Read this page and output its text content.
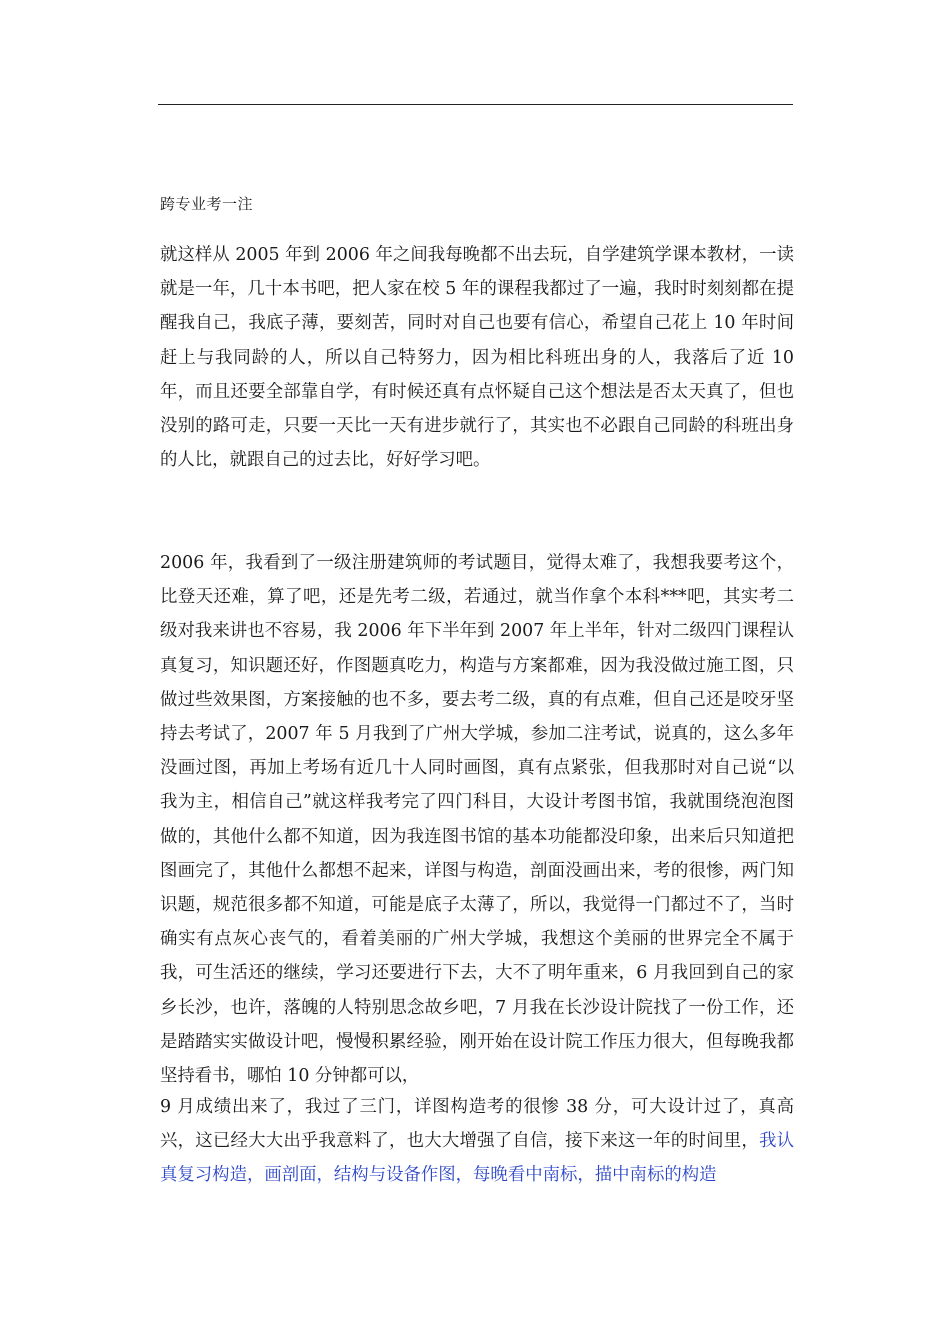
跨专业考一注

就这样从 2005 年到 2006 年之间我每晚都不出去玩，自学建筑学课本教材，一读就是一年，几十本书吧，把人家在校 5 年的课程我都过了一遍，我时时刻刻都在提醒我自己，我底子薄，要刻苦，同时对自己也要有信心，希望自己花上 10 年时间赶上与我同龄的人，所以自己特努力，因为相比科班出身的人，我落后了近 10 年，而且还要全部靠自学，有时候还真有点怀疑自己这个想法是否太天真了，但也没别的路可走，只要一天比一天有进步就行了，其实也不必跟自己同龄的科班出身的人比，就跟自己的过去比，好好学习吧。

2006 年，我看到了一级注册建筑师的考试题目，觉得太难了，我想我要考这个，比登天还难，算了吧，还是先考二级，若通过，就当作拿个本科***吧，其实考二级对我来讲也不容易，我 2006 年下半年到 2007 年上半年，针对二级四门课程认真复习，知识题还好，作图题真吃力，构造与方案都难，因为我没做过施工图，只做过些效果图，方案接触的也不多，要去考二级，真的有点难，但自己还是咬牙坚持去考试了，2007 年 5 月我到了广州大学城，参加二注考试，说真的，这么多年没画过图，再加上考场有近几十人同时画图，真有点紧张，但我那时对自己说“以我为主，相信自己”就这样我考完了四门科目，大设计考图书馆，我就围绕泡泡图做的，其他什么都不知道，因为我连图书馆的基本功能都没印象，出来后只知道把图画完了，其他什么都想不起来，详图与构造，剖面没画出来，考的很惨，两门知识题，规范很多都不知道，可能是底子太薄了，所以，我觉得一门都过不了，当时确实有点灰心丧气的，看着美丽的广州大学城，我想这个美丽的世界完全不属于我，可生活还的继续，学习还要进行下去，大不了明年重来，6 月我回到自己的家乡长沙，也许，落魄的人特别思念故乡吧，7 月我在长沙设计院找了一份工作，还是踏踏实实做设计吧，慢慢积累经验，刚开始在设计院工作压力很大，但每晚我都坚持看书，哪怕 10 分钟都可以，

9 月成绩出来了，我过了三门，详图构造考的很惨 38 分，可大设计过了，真高兴，这已经大大出乎我意料了，也大大增强了自信，接下来这一年的时间里，我认真复习构造，画剖面，结构与设备作图，每晚看中南标，描中南标的构造
